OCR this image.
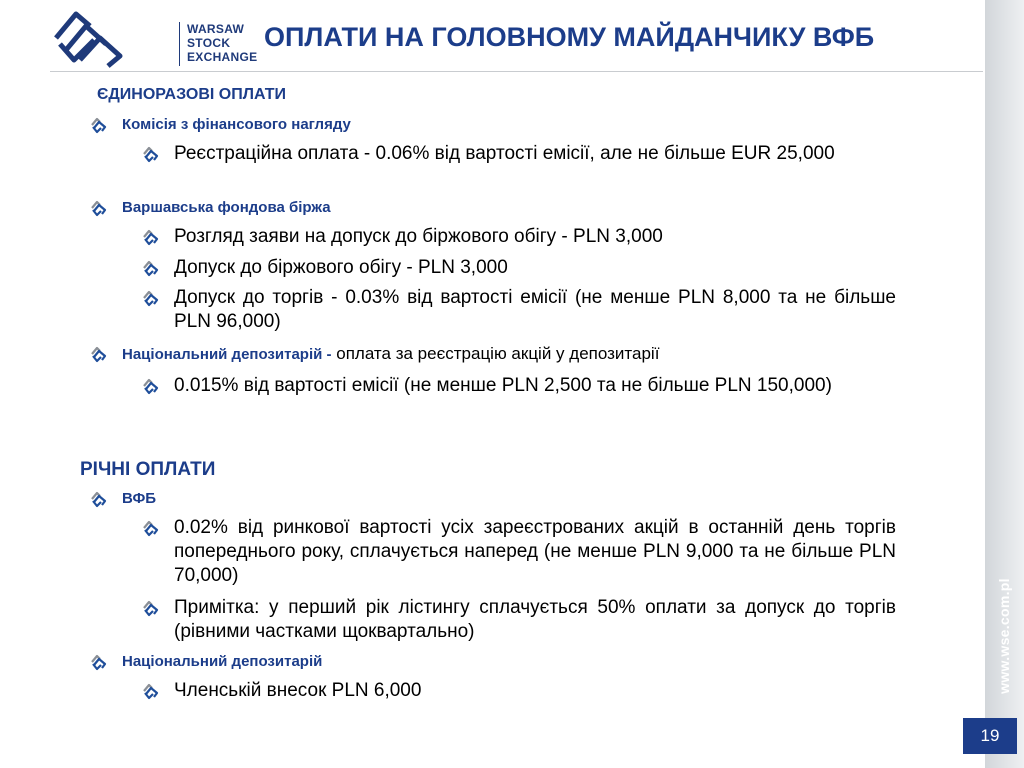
www.wse.com.pl
19
WARSAW
STOCK
EXCHANGE
ОПЛАТИ НА ГОЛОВНОМУ МАЙДАНЧИКУ ВФБ
ЄДИНОРАЗОВІ ОПЛАТИ
Комісія з фінансового нагляду
Реєстраційна оплата - 0.06% від вартості емісії, але не більше EUR 25,000
Варшавська фондова біржа
Розгляд заяви на допуск до біржового обігу - PLN 3,000
Допуск до біржового обігу - PLN 3,000
Допуск до торгів - 0.03% від вартості емісії (не менше PLN 8,000 та не більше PLN 96,000)
Національний депозитарій - оплата за реєстрацію акцій у депозитарії
0.015% від вартості емісії (не менше PLN 2,500 та не більше PLN 150,000)
РІЧНІ ОПЛАТИ
ВФБ
0.02% від ринкової вартості усіх зареєстрованих акцій в останній день торгів попереднього року, сплачується наперед (не менше PLN 9,000 та не більше PLN 70,000)
Примітка: у перший рік лістингу сплачується 50% оплати за допуск до торгів (рівними частками щоквартально)
Національний депозитарій
Членській внесок PLN 6,000
